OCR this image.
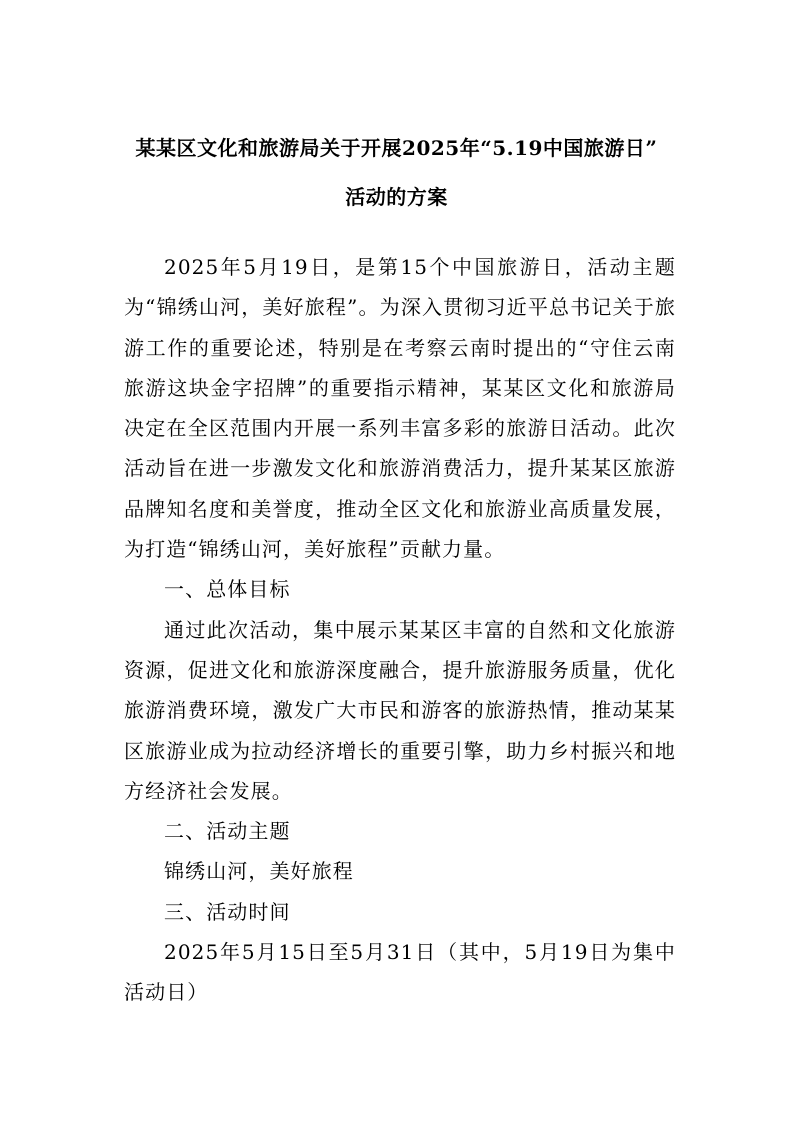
某某区文化和旅游局关于开展2025年“5.19中国旅游日”
活动的方案

2025年5月19日，是第15个中国旅游日，活动主题为“锦绣山河，美好旅程”。为深入贯彻习近平总书记关于旅游工作的重要论述，特别是在考察云南时提出的“守住云南旅游这块金字招牌”的重要指示精神，某某区文化和旅游局决定在全区范围内开展一系列丰富多彩的旅游日活动。此次活动旨在进一步激发文化和旅游消费活力，提升某某区旅游品牌知名度和美誉度，推动全区文化和旅游业高质量发展，为打造“锦绣山河，美好旅程”贡献力量。

一、总体目标

通过此次活动，集中展示某某区丰富的自然和文化旅游资源，促进文化和旅游深度融合，提升旅游服务质量，优化旅游消费环境，激发广大市民和游客的旅游热情，推动某某区旅游业成为拉动经济增长的重要引擎，助力乡村振兴和地方经济社会发展。

二、活动主题

锦绣山河，美好旅程

三、活动时间

2025年5月15日至5月31日（其中，5月19日为集中活动日）
